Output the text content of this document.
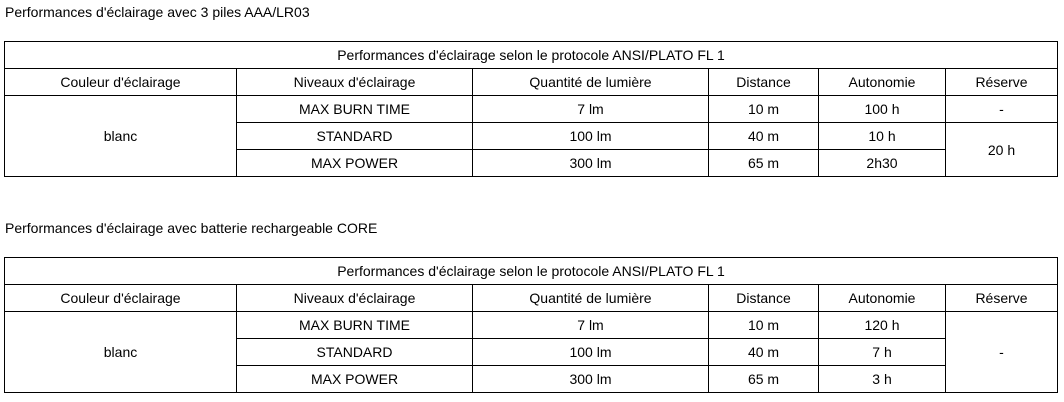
Performances d'éclairage avec 3 piles AAA/LR03
Performances d'éclairage selon le protocole ANSI/PLATO FL 1					
Couleur d'éclairage	Niveaux d'éclairage	Quantité de lumière	Distance	Autonomie	Réserve
blanc	MAX BURN TIME	7 lm	10 m	100 h	-
	STANDARD	100 lm	40 m	10 h	20 h
	MAX POWER	300 lm	65 m	2h30	
Performances d'éclairage avec batterie rechargeable CORE
Performances d'éclairage selon le protocole ANSI/PLATO FL 1					
Couleur d'éclairage	Niveaux d'éclairage	Quantité de lumière	Distance	Autonomie	Réserve
blanc	MAX BURN TIME	7 lm	10 m	120 h	-
	STANDARD	100 lm	40 m	7 h	
	MAX POWER	300 lm	65 m	3 h	
